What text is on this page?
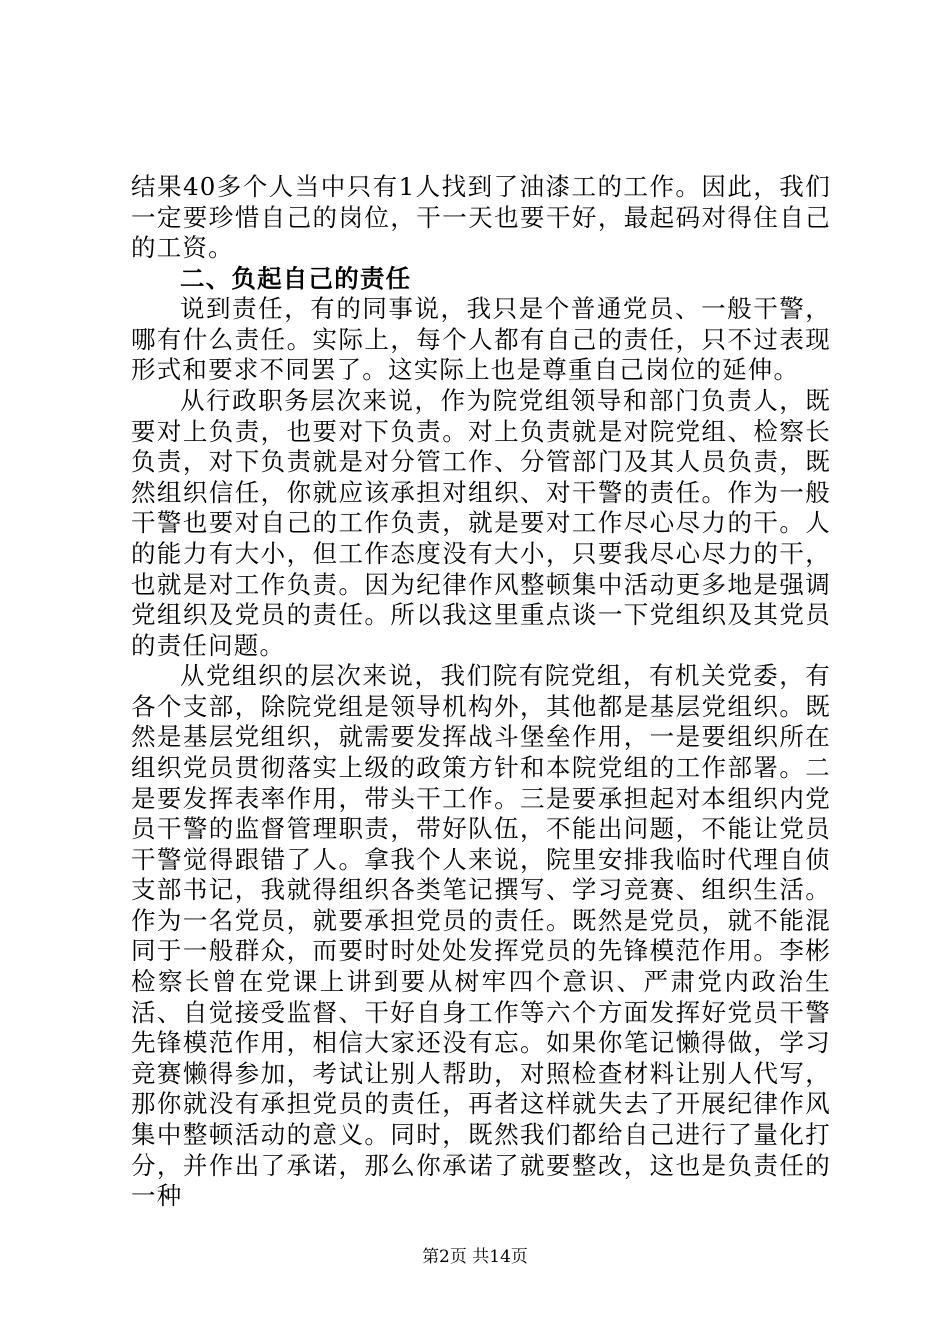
结果40多个人当中只有1人找到了油漆工的工作。因此，我们一定要珍惜自己的岗位，干一天也要干好，最起码对得住自己的工资。

二、负起自己的责任

说到责任，有的同事说，我只是个普通党员、一般干警，哪有什么责任。实际上，每个人都有自己的责任，只不过表现形式和要求不同罢了。这实际上也是尊重自己岗位的延伸。

从行政职务层次来说，作为院党组领导和部门负责人，既要对上负责，也要对下负责。对上负责就是对院党组、检察长负责，对下负责就是对分管工作、分管部门及其人员负责，既然组织信任，你就应该承担对组织、对干警的责任。作为一般干警也要对自己的工作负责，就是要对工作尽心尽力的干。人的能力有大小，但工作态度没有大小，只要我尽心尽力的干，也就是对工作负责。因为纪律作风整顿集中活动更多地是强调党组织及党员的责任。所以我这里重点谈一下党组织及其党员的责任问题。

从党组织的层次来说，我们院有院党组，有机关党委，有各个支部，除院党组是领导机构外，其他都是基层党组织。既然是基层党组织，就需要发挥战斗堡垒作用，一是要组织所在组织党员贯彻落实上级的政策方针和本院党组的工作部署。二是要发挥表率作用，带头干工作。三是要承担起对本组织内党员干警的监督管理职责，带好队伍，不能出问题，不能让党员干警觉得跟错了人。拿我个人来说，院里安排我临时代理自侦支部书记，我就得组织各类笔记撰写、学习竞赛、组织生活。作为一名党员，就要承担党员的责任。既然是党员，就不能混同于一般群众，而要时时处处发挥党员的先锋模范作用。李彬检察长曾在党课上讲到要从树牢四个意识、严肃党内政治生活、自觉接受监督、干好自身工作等六个方面发挥好党员干警先锋模范作用，相信大家还没有忘。如果你笔记懒得做，学习竞赛懒得参加，考试让别人帮助，对照检查材料让别人代写，那你就没有承担党员的责任，再者这样就失去了开展纪律作风集中整顿活动的意义。同时，既然我们都给自己进行了量化打分，并作出了承诺，那么你承诺了就要整改，这也是负责任的一种

第2页 共14页
